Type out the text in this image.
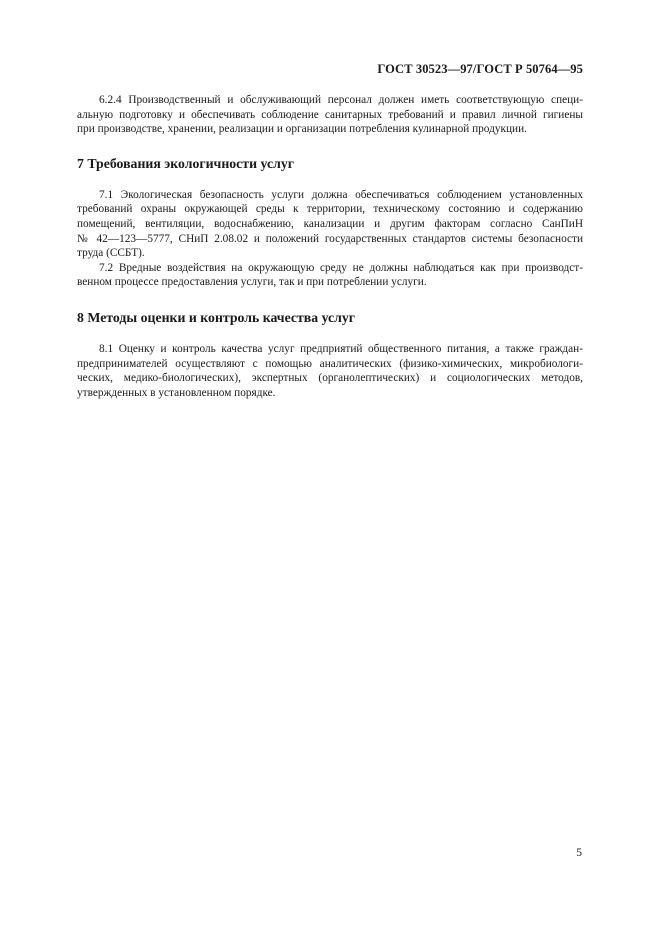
ГОСТ 30523—97/ГОСТ Р 50764—95

6.2.4 Производственный и обслуживающий персонал должен иметь соответствующую специ-
альную подготовку и обеспечивать соблюдение санитарных требований и правил личной гигиены
при производстве, хранении, реализации и организации потребления кулинарной продукции.

7 Требования экологичности услуг

7.1 Экологическая безопасность услуги должна обеспечиваться соблюдением установленных
требований охраны окружающей среды к территории, техническому состоянию и содержанию
помещений, вентиляции, водоснабжению, канализации и другим факторам согласно СанПиН
№ 42—123—5777, СНиП 2.08.02 и положений государственных стандартов системы безопасности
труда (ССБТ).

7.2 Вредные воздействия на окружающую среду не должны наблюдаться как при производст-
венном процессе предоставления услуги, так и при потреблении услуги.

8 Методы оценки и контроль качества услуг

8.1 Оценку и контроль качества услуг предприятий общественного питания, а также граждан-
предпринимателей осуществляют с помощью аналитических (физико-химических, микробиологи-
ческих, медико-биологических), экспертных (органолептических) и социологических методов,
утвержденных в установленном порядке.

5
